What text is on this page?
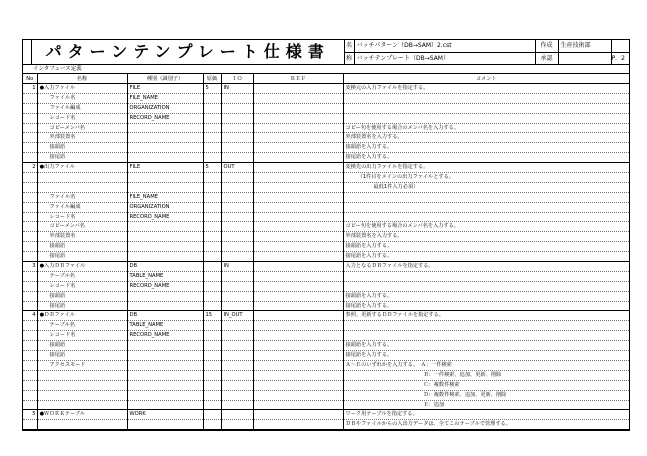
パターンテンプレート仕様書	名 バッチパターン（DB→SAM）2.cst	作成	生産技術部
称 バッチテンプレート（DB→SAM）	承認	P．2
インタフェース定義
No	名称	種別（識別子）	原価	ＩＯ	ＲＥＦ	コメント
1	●入力ファイル	FILE	5	IN		変換元の入力ファイルを指定する。
	ファイル名	FILE_NAME				
	ファイル編成	ORGANIZATION				
	レコード名	RECORD_NAME				
	コピーメンバ名					コピー句を使用する場合のメンバ名を入力する。
	外部装置名					外部装置名を入力する。
	接頭語					接頭語を入力する。
	接尾語					接尾語を入力する。
2	●出力ファイル	FILE	5	OUT		変換先の出力ファイルを指定する。
						（1件目をメインの出力ファイルとする。
						最低1件入力必須）
	ファイル名	FILE_NAME				
	ファイル編成	ORGANIZATION				
	レコード名	RECORD_NAME				
	コピーメンバ名					コピー句を使用する場合のメンバ名を入力する。
	外部装置名					外部装置名を入力する。
	接頭語					接頭語を入力する。
	接尾語					接尾語を入力する。
3	●入力ＤＢファイル	DB		IN		入力となるＤＢファイルを指定する。
	テーブル名	TABLE_NAME				
	レコード名	RECORD_NAME				
	接頭語					接頭語を入力する。
	接尾語					接尾語を入力する。
4	●ＤＢファイル	DB	15	IN_OUT		参照、更新するＤＢファイルを指定する。
	テーブル名	TABLE_NAME				
	レコード名	RECORD_NAME				
	接頭語					接頭語を入力する。
	接尾語					接尾語を入力する。
	アクセスモード					Ａ～Ｅのいずれかを入力する。　Ａ：一件検索
						　　　　　　　　　　　　　　　Ｂ：一件検索、追加、更新、削除
						　　　　　　　　　　　　　　　Ｃ：複数件検索
						　　　　　　　　　　　　　　　Ｄ：複数件検索、追加、更新、削除
						　　　　　　　　　　　　　　　Ｅ：追加
5	●ＷＯＲＫテーブル	WORK				ワーク用テーブルを指定する。
						ＤＢやファイルからの入出力データは、全てこのテーブルで管理する。
